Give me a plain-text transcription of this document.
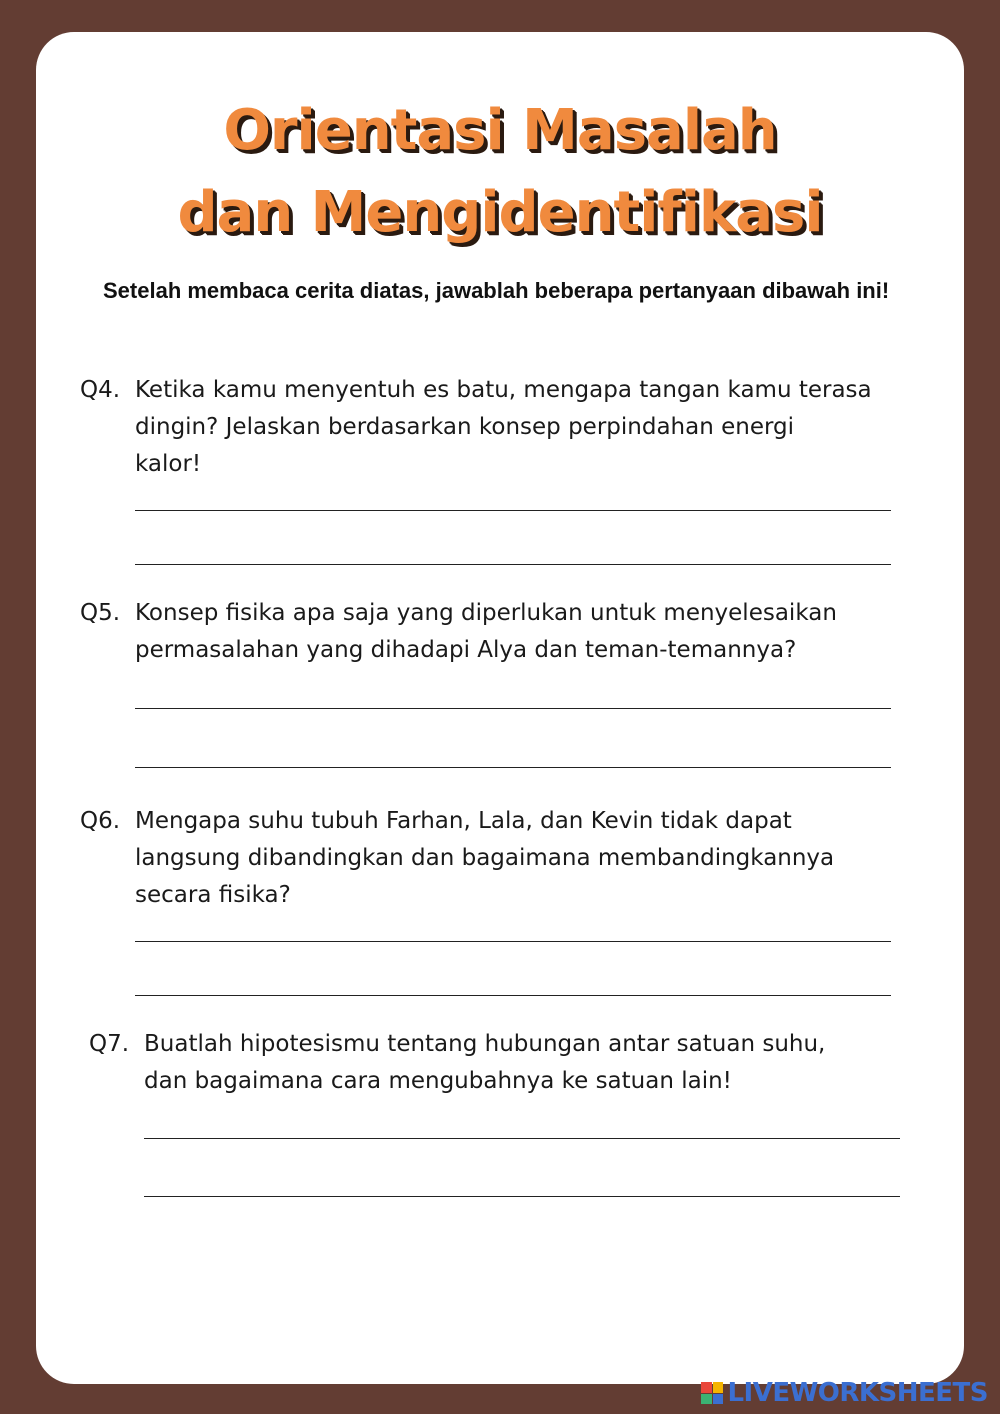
Orientasi Masalah
dan Mengidentifikasi
Setelah membaca cerita diatas, jawablah beberapa pertanyaan dibawah ini!
Q4. Ketika kamu menyentuh es batu, mengapa tangan kamu terasa
dingin? Jelaskan berdasarkan konsep perpindahan energi
kalor!
Q5. Konsep fisika apa saja yang diperlukan untuk menyelesaikan
permasalahan yang dihadapi Alya dan teman-temannya?
Q6. Mengapa suhu tubuh Farhan, Lala, dan Kevin tidak dapat
langsung dibandingkan dan bagaimana membandingkannya
secara fisika?
Q7. Buatlah hipotesismu tentang hubungan antar satuan suhu,
dan bagaimana cara mengubahnya ke satuan lain!
LIVEWORKSHEETS
